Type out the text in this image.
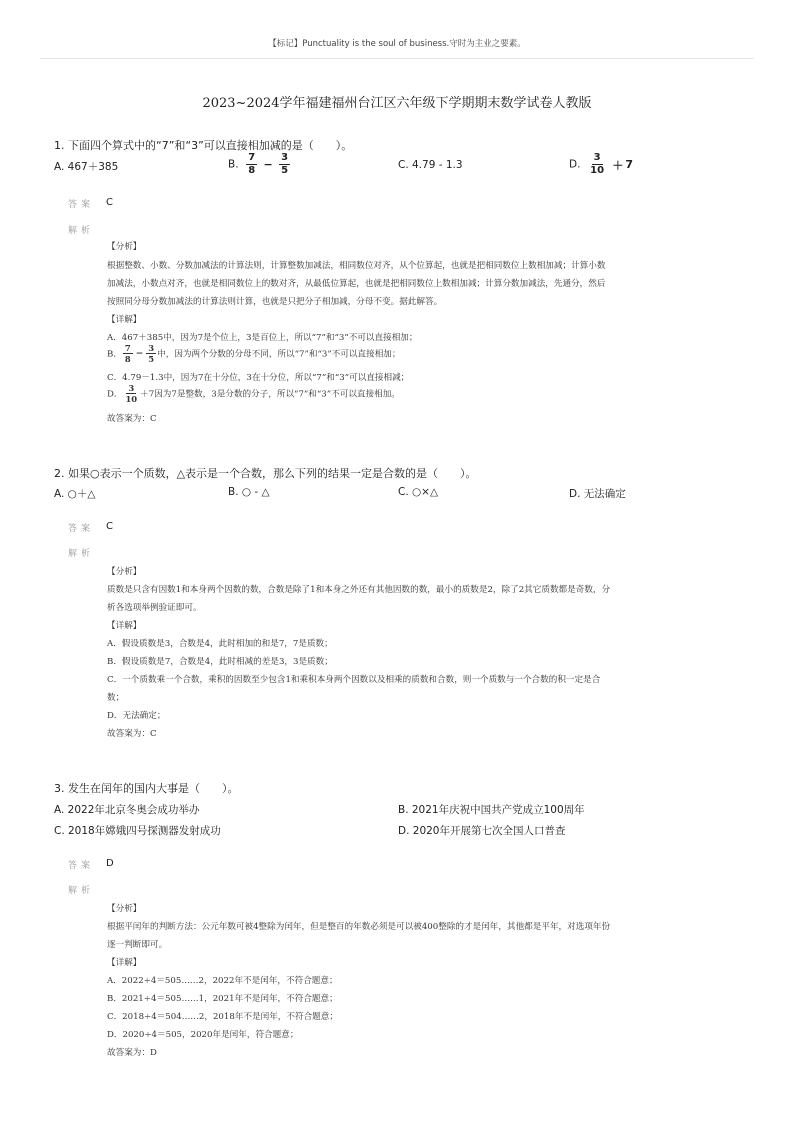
【标记】Punctuality is the soul of business.守时为主业之要素。
2023~2024学年福建福州台江区六年级下学期期末数学试卷人教版
1. 下面四个算式中的“7”和“3”可以直接相加减的是（　　）。
A. 467＋385	B. $\frac{7}{8} - \frac{3}{5}$	C. 4.79 - 1.3	D. $\frac{3}{10} + 7$
答案 C
解析
【分析】
根据整数、小数、分数加减法的计算法则，计算整数加减法，相同数位对齐，从个位算起，也就是把相同数位上数相加减；计算小数
加减法，小数点对齐，也就是相同数位上的数对齐，从最低位算起，也就是把相同数位上数相加减；计算分数加减法，先通分，然后
按照同分母分数加减法的计算法则计算，也就是只把分子相加减，分母不变。据此解答。
【详解】
A．467＋385中，因为7是个位上，3是百位上，所以“7”和“3”不可以直接相加；
B． $\frac{7}{8} - \frac{3}{5}$ 中，因为两个分数的分母不同，所以“7”和“3”不可以直接相加；
C．4.79－1.3中，因为7在十分位，3在十分位，所以“7”和“3”可以直接相减；
D． $\frac{3}{10} +7$因为7是整数，3是分数的分子，所以“7”和“3”不可以直接相加。
故答案为：C
2. 如果○表示一个质数，△表示是一个合数，那么下列的结果一定是合数的是（　　）。
A. ○＋△	B. ○ - △	C. ○×△	D. 无法确定
答案 C
解析
【分析】
质数是只含有因数1和本身两个因数的数，合数是除了1和本身之外还有其他因数的数，最小的质数是2，除了2其它质数都是奇数，分
析各选项举例验证即可。
【详解】
A．假设质数是3，合数是4，此时相加的和是7，7是质数；
B．假设质数是7，合数是4，此时相减的差是3，3是质数；
C．一个质数乘一个合数，乘积的因数至少包含1和乘积本身两个因数以及相乘的质数和合数，则一个质数与一个合数的积一定是合
数；
D．无法确定；
故答案为：C
3. 发生在闰年的国内大事是（　　）。
A. 2022年北京冬奥会成功举办	B. 2021年庆祝中国共产党成立100周年
C. 2018年嫦娥四号探测器发射成功	D. 2020年开展第七次全国人口普查
答案 D
解析
【分析】
根据平闰年的判断方法：公元年数可被4整除为闰年，但是整百的年数必须是可以被400整除的才是闰年，其他都是平年，对选项年份
逐一判断即可。
【详解】
A．2022÷4＝505……2，2022年不是闰年，不符合题意；
B．2021÷4＝505……1，2021年不是闰年，不符合题意；
C．2018÷4＝504……2，2018年不是闰年，不符合题意；
D．2020÷4＝505，2020年是闰年，符合题意；
故答案为：D
